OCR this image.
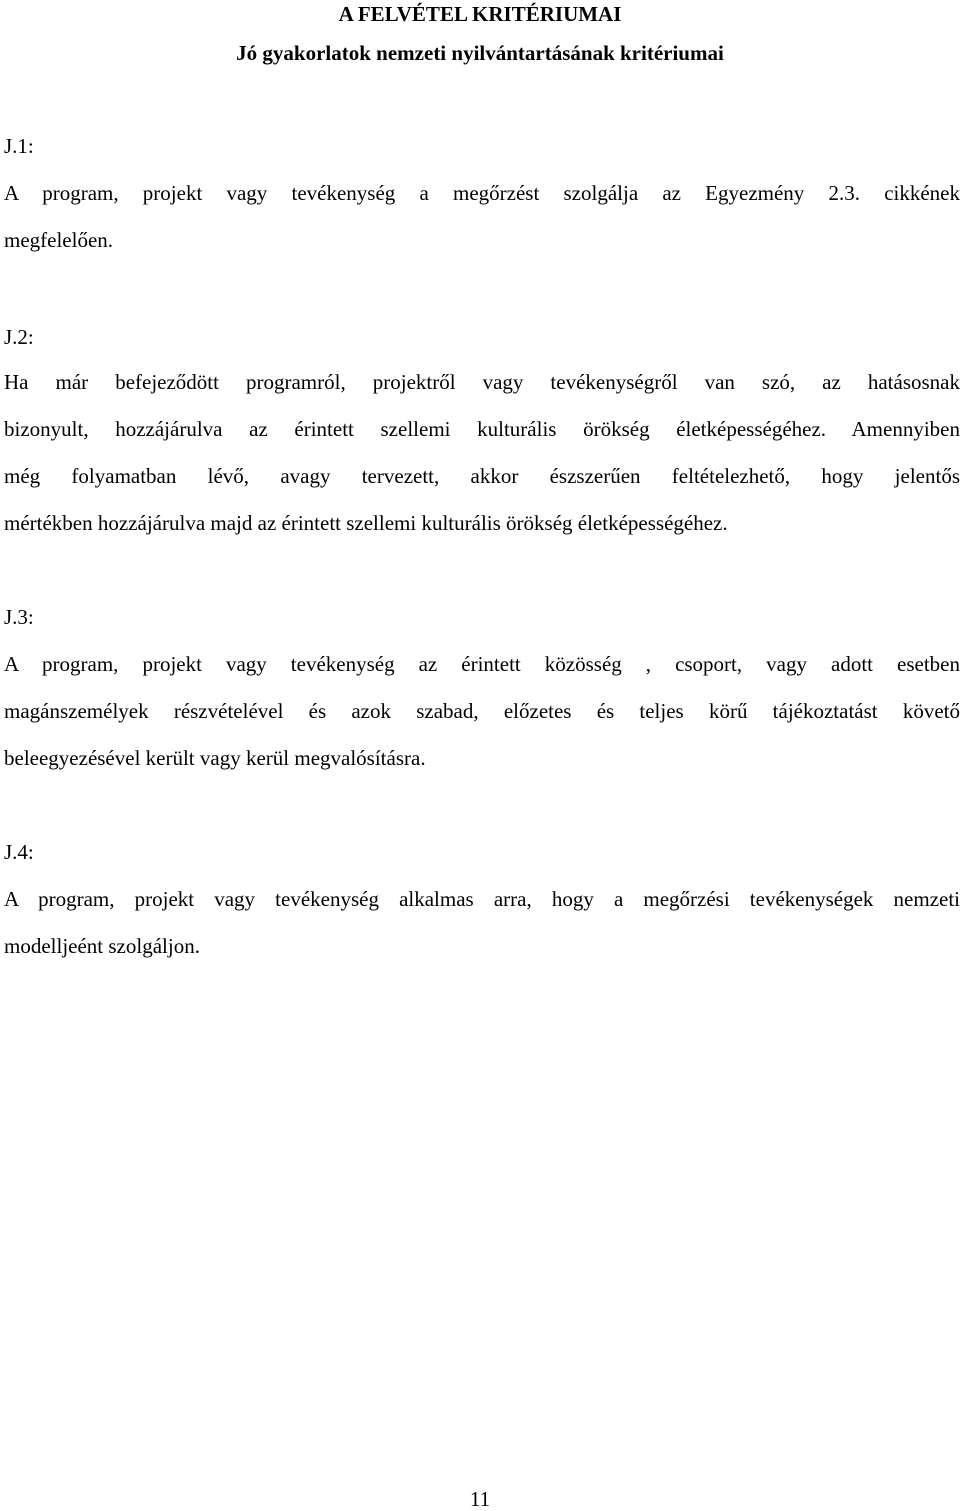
A FELVÉTEL KRITÉRIUMAI
Jó gyakorlatok nemzeti nyilvántartásának kritériumai
J.1:
A program, projekt vagy tevékenység a megőrzést szolgálja az Egyezmény 2.3. cikkének
megfelelően.
J.2:
Ha már befejeződött programról, projektről vagy tevékenységről van szó, az hatásosnak
bizonyult, hozzájárulva az érintett szellemi kulturális örökség életképességéhez. Amennyiben
még folyamatban lévő, avagy tervezett, akkor észszerűen feltételezhető, hogy jelentős
mértékben hozzájárulva majd az érintett szellemi kulturális örökség életképességéhez.
J.3:
A program, projekt vagy tevékenység az érintett közösség , csoport, vagy adott esetben
magánszemélyek részvételével és azok szabad, előzetes és teljes körű tájékoztatást követő
beleegyezésével került vagy kerül megvalósításra.
J.4:
A program, projekt vagy tevékenység alkalmas arra, hogy a megőrzési tevékenységek nemzeti
modelljeént szolgáljon.
11
